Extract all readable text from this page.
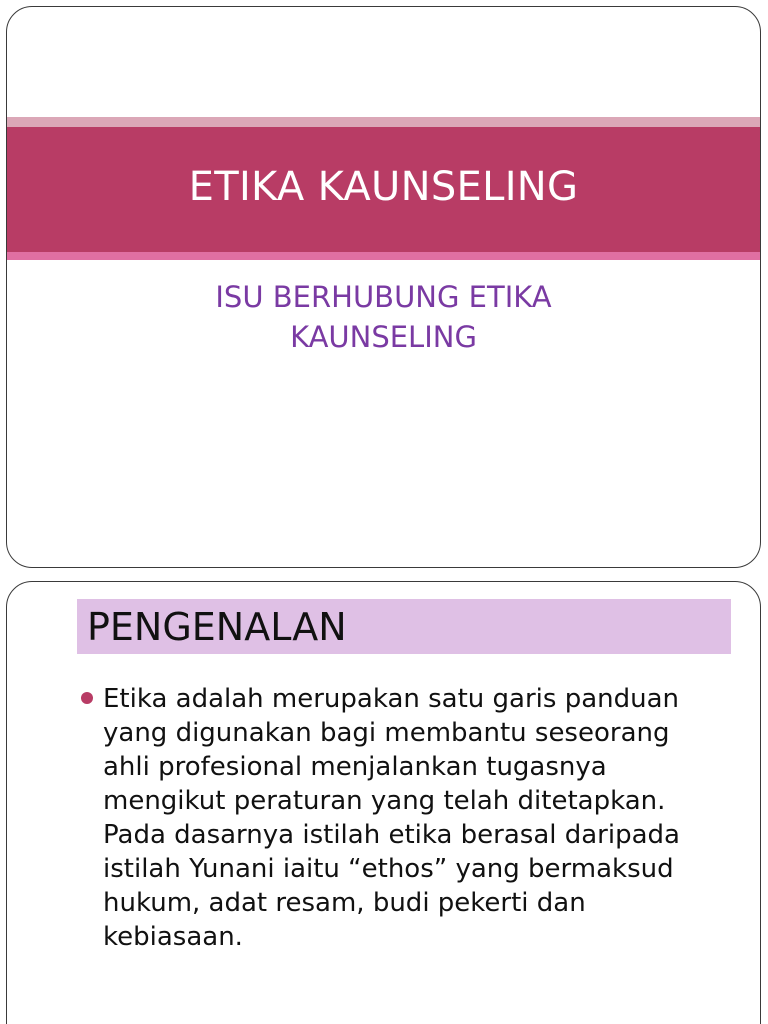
ETIKA KAUNSELING
ISU BERHUBUNG ETIKA
KAUNSELING
PENGENALAN
Etika adalah merupakan satu garis panduan
yang digunakan bagi membantu seseorang
ahli profesional menjalankan tugasnya
mengikut peraturan yang telah ditetapkan.
Pada dasarnya istilah etika berasal daripada
istilah Yunani iaitu “ethos” yang bermaksud
hukum, adat resam, budi pekerti dan
kebiasaan.
